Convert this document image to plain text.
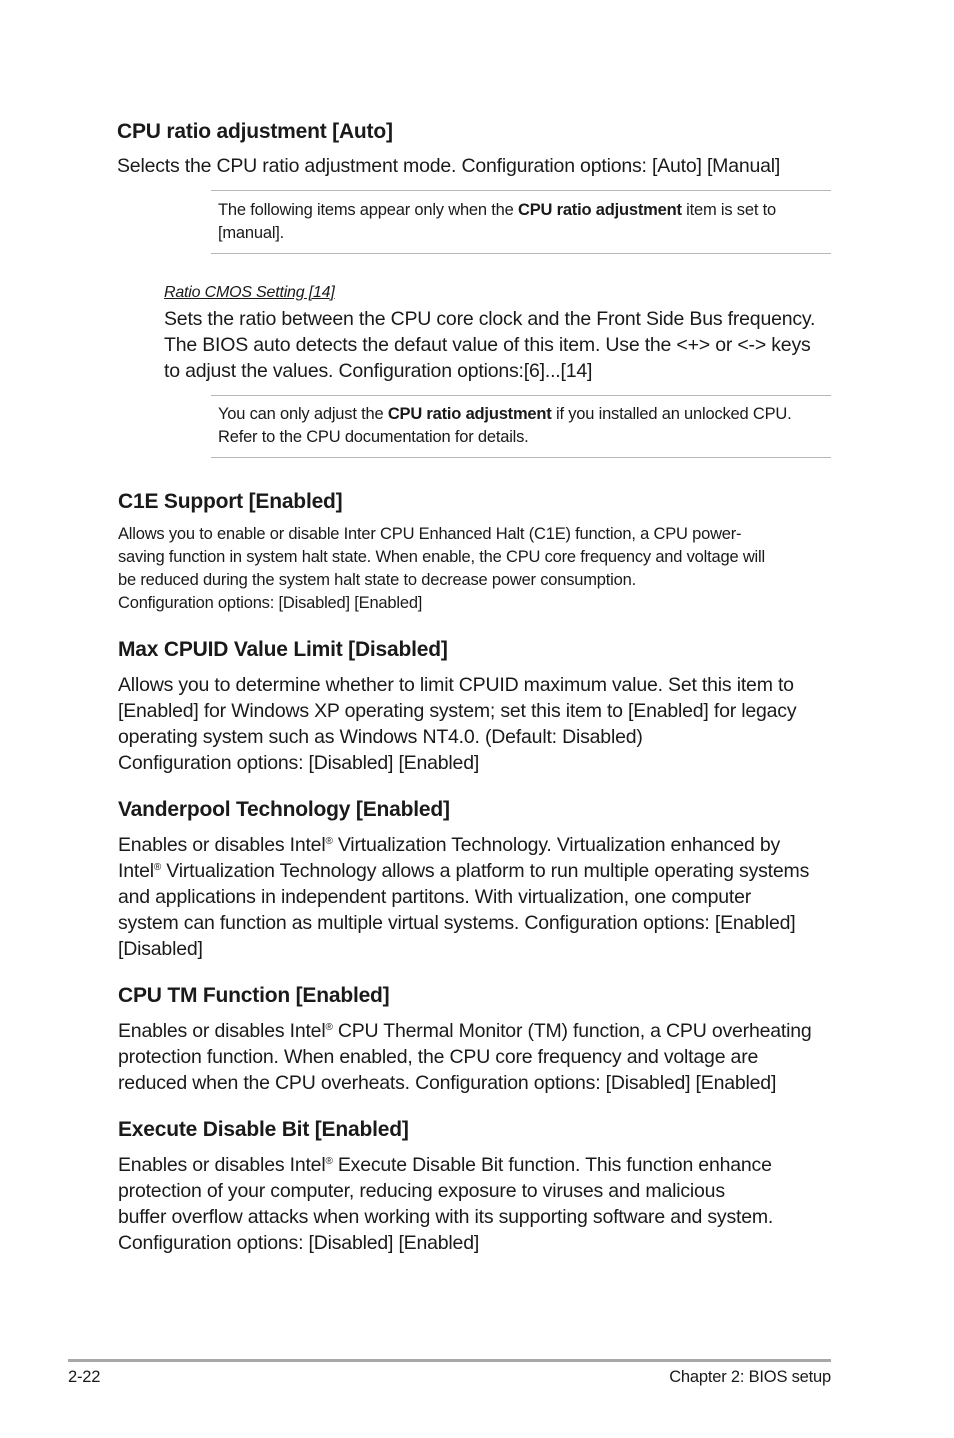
CPU ratio adjustment [Auto]

Selects the CPU ratio adjustment mode. Configuration options: [Auto] [Manual]

The following items appear only when the CPU ratio adjustment item is set to [manual].

Ratio CMOS Setting [14]

Sets the ratio between the CPU core clock and the Front Side Bus frequency.

The BIOS auto detects the defaut value of this item. Use the <+> or <-> keys

to adjust the values. Configuration options:[6]...[14]

You can only adjust the CPU ratio adjustment if you installed an unlocked CPU. Refer to the CPU documentation for details.

C1E Support [Enabled]

Allows you to enable or disable Inter CPU Enhanced Halt (C1E) function, a CPU power-

saving function in system halt state. When enable, the CPU core frequency and voltage will

be reduced during the system halt state to decrease power consumption.

Configuration options: [Disabled] [Enabled]

Max CPUID Value Limit [Disabled]

Allows you to determine whether to limit CPUID maximum value. Set this item to

[Enabled] for Windows XP operating system; set this item to [Enabled] for legacy

operating system such as Windows NT4.0. (Default: Disabled)

Configuration options: [Disabled] [Enabled]

Vanderpool Technology [Enabled]

Enables or disables Intel® Virtualization Technology. Virtualization enhanced by

Intel® Virtualization Technology allows a platform to run multiple operating systems

and applications in independent partitons. With virtualization, one computer

system can function as multiple virtual systems. Configuration options: [Enabled]

[Disabled]

CPU TM Function [Enabled]

Enables or disables Intel® CPU Thermal Monitor (TM) function, a CPU overheating

protection function. When enabled, the CPU core frequency and voltage are

reduced when the CPU overheats. Configuration options: [Disabled] [Enabled]

Execute Disable Bit [Enabled]

Enables or disables Intel® Execute Disable Bit function. This function enhance

protection of your computer, reducing exposure to viruses and malicious

buffer overflow attacks when working with its supporting software and system.

Configuration options: [Disabled] [Enabled]

2-22	Chapter 2: BIOS setup
